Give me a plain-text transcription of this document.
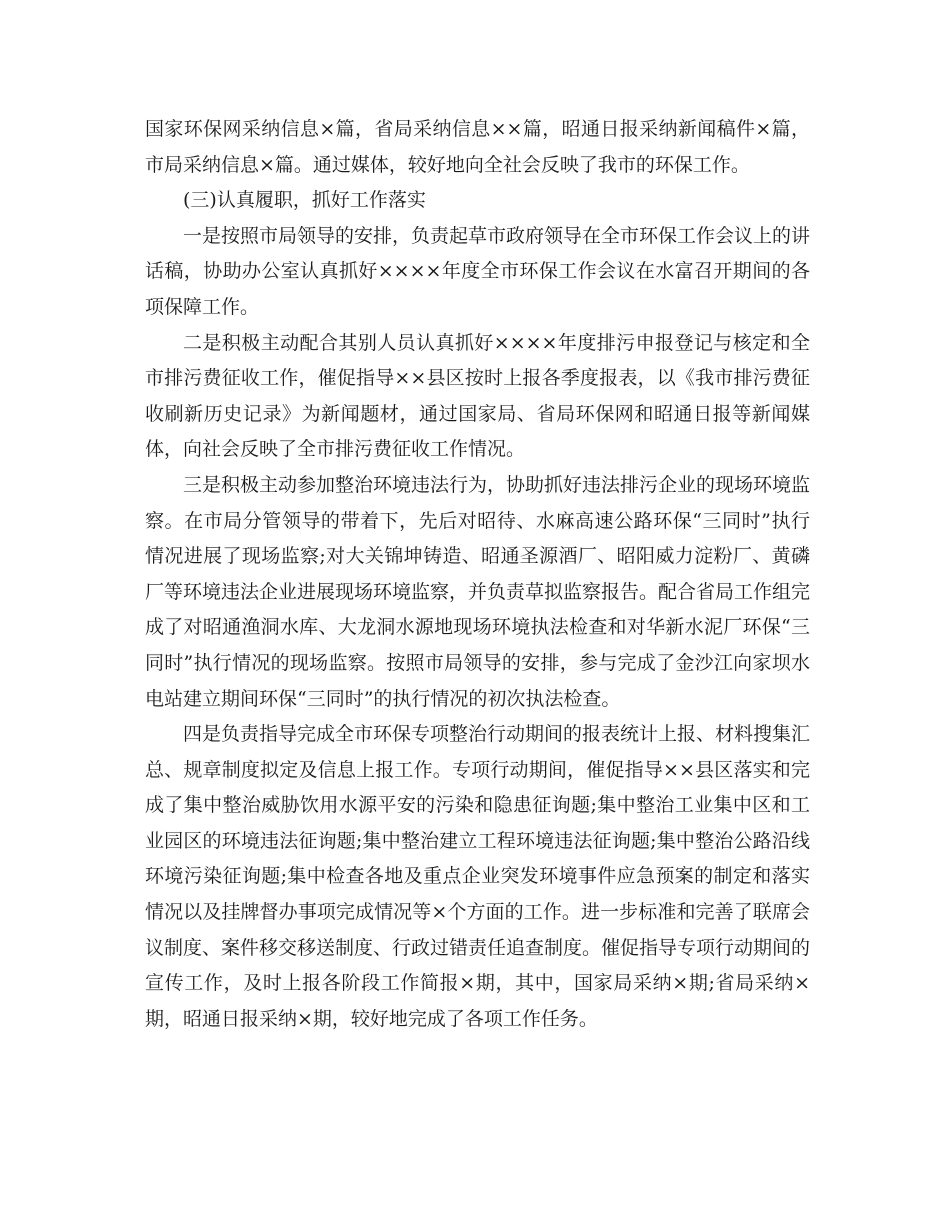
国家环保网采纳信息×篇，省局采纳信息××篇，昭通日报采纳新闻稿件×篇，市局采纳信息×篇。通过媒体，较好地向全社会反映了我市的环保工作。

(三)认真履职，抓好工作落实

一是按照市局领导的安排，负责起草市政府领导在全市环保工作会议上的讲话稿，协助办公室认真抓好××××年度全市环保工作会议在水富召开期间的各项保障工作。

二是积极主动配合其别人员认真抓好××××年度排污申报登记与核定和全市排污费征收工作，催促指导××县区按时上报各季度报表，以《我市排污费征收刷新历史记录》为新闻题材，通过国家局、省局环保网和昭通日报等新闻媒体，向社会反映了全市排污费征收工作情况。

三是积极主动参加整治环境违法行为，协助抓好违法排污企业的现场环境监察。在市局分管领导的带着下，先后对昭待、水麻高速公路环保“三同时”执行情况进展了现场监察;对大关锦坤铸造、昭通圣源酒厂、昭阳威力淀粉厂、黄磷厂等环境违法企业进展现场环境监察，并负责草拟监察报告。配合省局工作组完成了对昭通渔洞水库、大龙洞水源地现场环境执法检查和对华新水泥厂环保“三同时”执行情况的现场监察。按照市局领导的安排，参与完成了金沙江向家坝水电站建立期间环保“三同时”的执行情况的初次执法检查。

四是负责指导完成全市环保专项整治行动期间的报表统计上报、材料搜集汇总、规章制度拟定及信息上报工作。专项行动期间，催促指导××县区落实和完成了集中整治威胁饮用水源平安的污染和隐患征询题;集中整治工业集中区和工业园区的环境违法征询题;集中整治建立工程环境违法征询题;集中整治公路沿线环境污染征询题;集中检查各地及重点企业突发环境事件应急预案的制定和落实情况以及挂牌督办事项完成情况等×个方面的工作。进一步标准和完善了联席会议制度、案件移交移送制度、行政过错责任追查制度。催促指导专项行动期间的宣传工作，及时上报各阶段工作简报×期，其中，国家局采纳×期;省局采纳×期，昭通日报采纳×期，较好地完成了各项工作任务。
